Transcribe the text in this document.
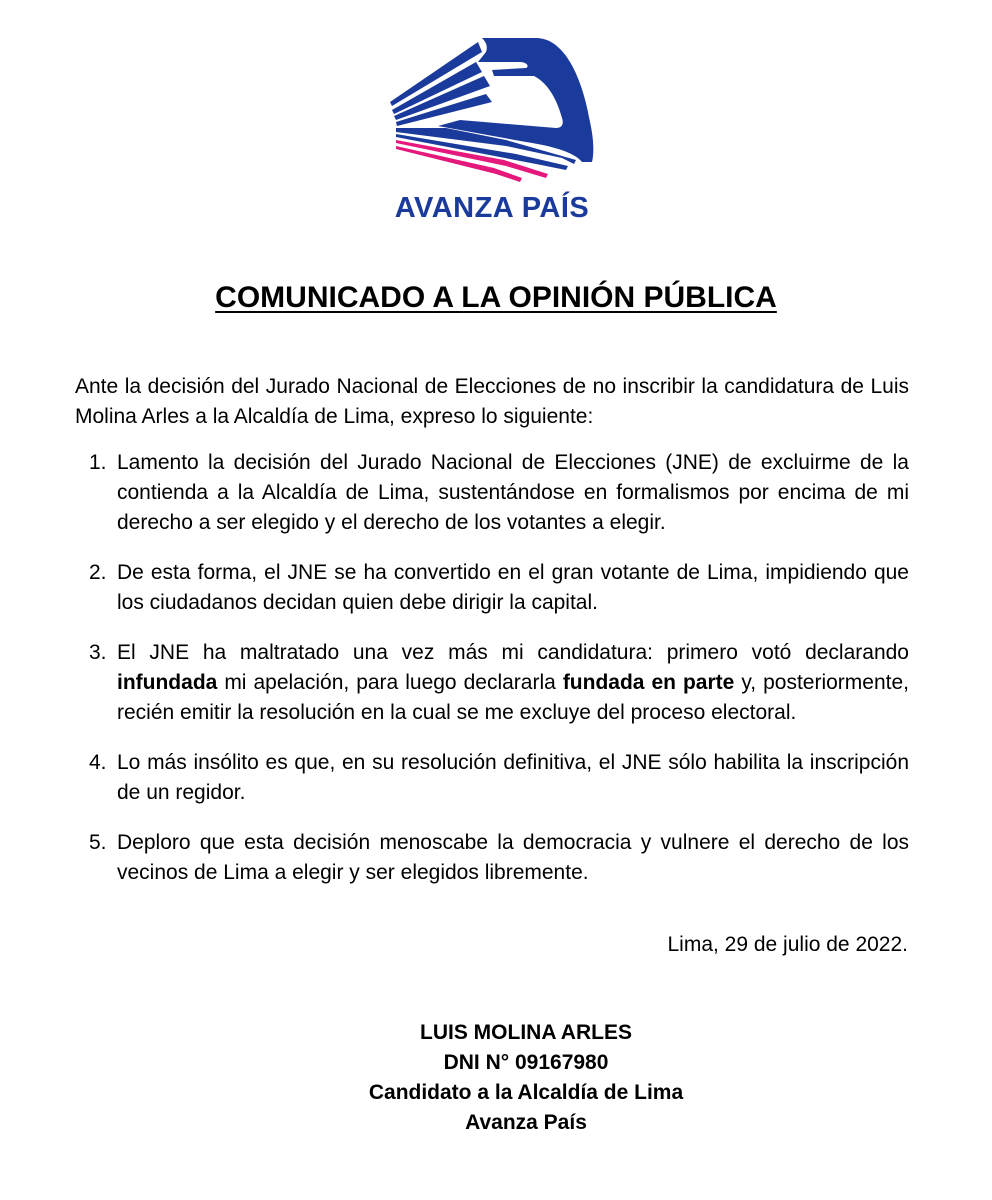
AVANZA PAÍS
COMUNICADO A LA OPINIÓN PÚBLICA

Ante la decisión del Jurado Nacional de Elecciones de no inscribir la candidatura de Luis Molina Arles a la Alcaldía de Lima, expreso lo siguiente:

1. Lamento la decisión del Jurado Nacional de Elecciones (JNE) de excluirme de la contienda a la Alcaldía de Lima, sustentándose en formalismos por encima de mi derecho a ser elegido y el derecho de los votantes a elegir.
2. De esta forma, el JNE se ha convertido en el gran votante de Lima, impidiendo que los ciudadanos decidan quien debe dirigir la capital.
3. El JNE ha maltratado una vez más mi candidatura: primero votó declarando infundada mi apelación, para luego declararla fundada en parte y, posteriormente, recién emitir la resolución en la cual se me excluye del proceso electoral.
4. Lo más insólito es que, en su resolución definitiva, el JNE sólo habilita la inscripción de un regidor.
5. Deploro que esta decisión menoscabe la democracia y vulnere el derecho de los vecinos de Lima a elegir y ser elegidos libremente.

Lima, 29 de julio de 2022.

LUIS MOLINA ARLES
DNI N° 09167980
Candidato a la Alcaldía de Lima
Avanza País
